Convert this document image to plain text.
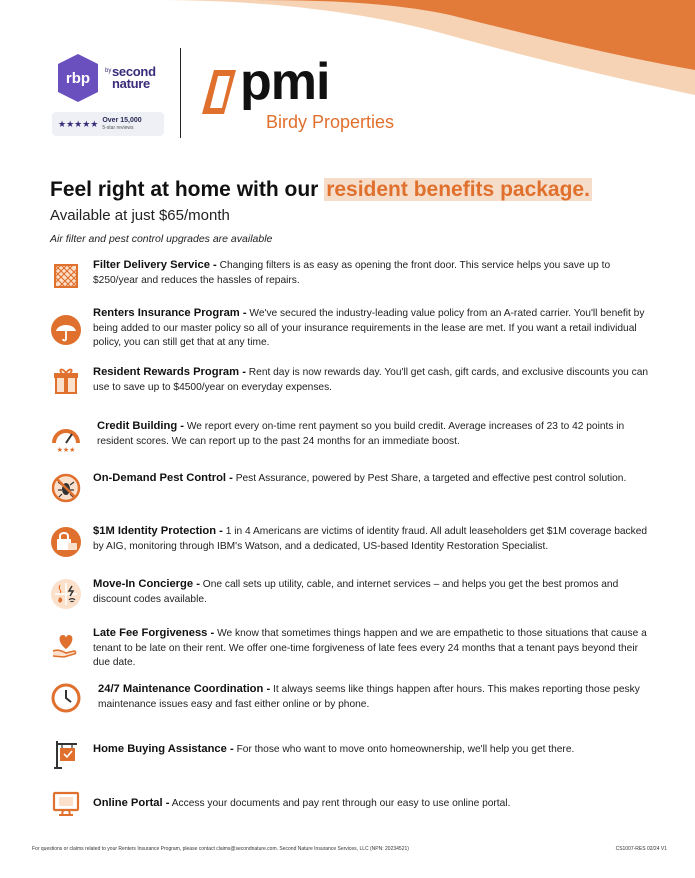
rbp by second nature
★★★★★ Over 15,000
5-star reviews
pmi
Birdy Properties
Feel right at home with our resident benefits package.
Available at just $65/month
Air filter and pest control upgrades are available
Filter Delivery Service - Changing filters is as easy as opening the front door. This service helps you save up to $250/year and reduces the hassles of repairs.
Renters Insurance Program - We've secured the industry-leading value policy from an A-rated carrier. You'll benefit by being added to our master policy so all of your insurance requirements in the lease are met. If you want a retail individual policy, you can still get that at any time.
Resident Rewards Program - Rent day is now rewards day. You'll get cash, gift cards, and exclusive discounts you can use to save up to $4500/year on everyday expenses.
★★★
Credit Building - We report every on-time rent payment so you build credit. Average increases of 23 to 42 points in resident scores. We can report up to the past 24 months for an immediate boost.
On-Demand Pest Control - Pest Assurance, powered by Pest Share, a targeted and effective pest control solution.
$1M Identity Protection - 1 in 4 Americans are victims of identity fraud. All adult leaseholders get $1M coverage backed by AIG, monitoring through IBM's Watson, and a dedicated, US-based Identity Restoration Specialist.
Move-In Concierge - One call sets up utility, cable, and internet services – and helps you get the best promos and discount codes available.
Late Fee Forgiveness - We know that sometimes things happen and we are empathetic to those situations that cause a tenant to be late on their rent. We offer one-time forgiveness of late fees every 24 months that a tenant pays beyond their due date.
24/7 Maintenance Coordination - It always seems like things happen after hours. This makes reporting those pesky maintenance issues easy and fast either online or by phone.
Home Buying Assistance - For those who want to move onto homeownership, we'll help you get there.
Online Portal - Access your documents and pay rent through our easy to use online portal.
For questions or claims related to your Renters Insurance Program, please contact claims@secondnature.com. Second Nature Insurance Services, LLC (NPN: 20234521)	CS1007-RES 02/24 V1
